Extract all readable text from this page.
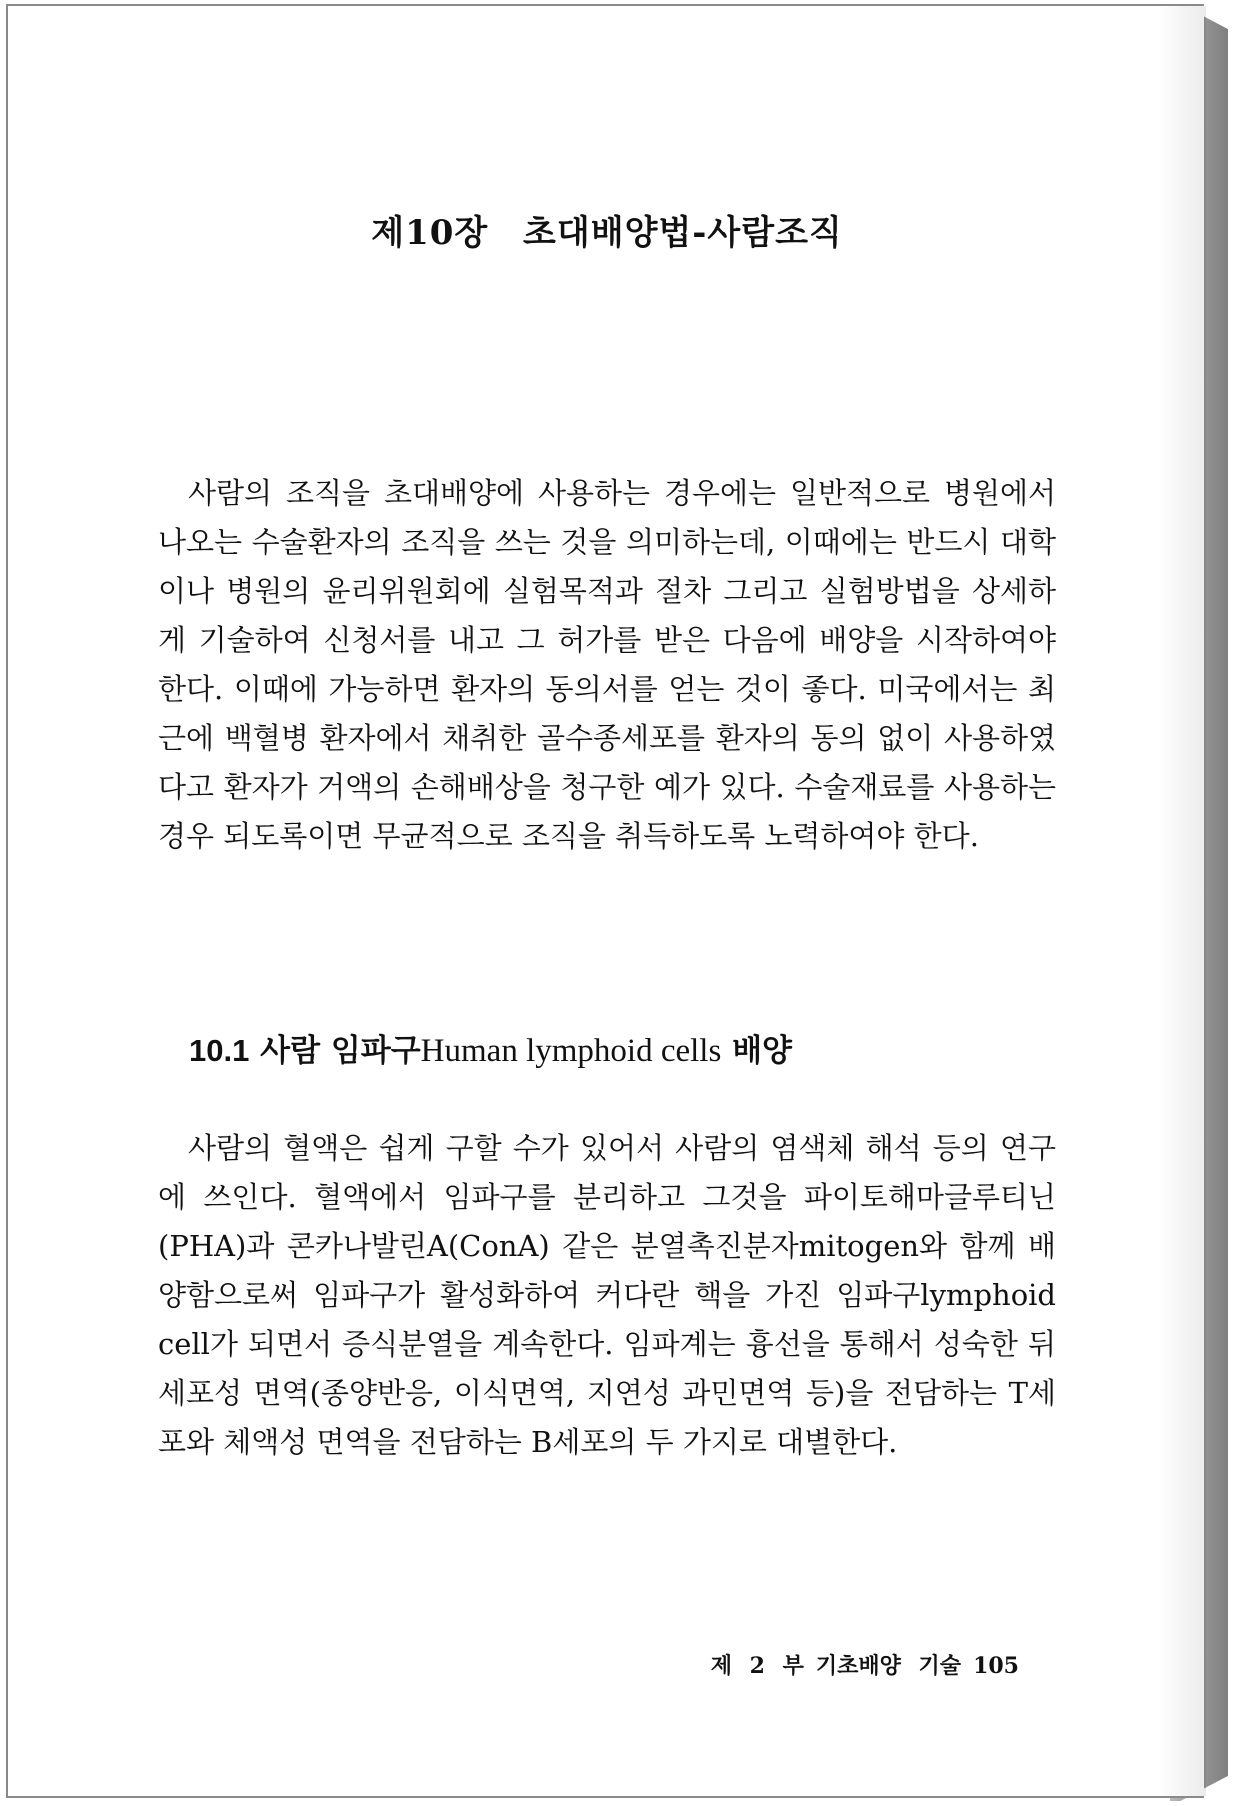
제10장 초대배양법-사람조직

사람의 조직을 초대배양에 사용하는 경우에는 일반적으로 병원에서 나오는 수술환자의 조직을 쓰는 것을 의미하는데, 이때에는 반드시 대학이나 병원의 윤리위원회에 실험목적과 절차 그리고 실험방법을 상세하게 기술하여 신청서를 내고 그 허가를 받은 다음에 배양을 시작하여야 한다. 이때에 가능하면 환자의 동의서를 얻는 것이 좋다. 미국에서는 최근에 백혈병 환자에서 채취한 골수종세포를 환자의 동의 없이 사용하였다고 환자가 거액의 손해배상을 청구한 예가 있다. 수술재료를 사용하는 경우 되도록이면 무균적으로 조직을 취득하도록 노력하여야 한다.

10.1 사람 임파구Human lymphoid cells 배양

사람의 혈액은 쉽게 구할 수가 있어서 사람의 염색체 해석 등의 연구에 쓰인다. 혈액에서 임파구를 분리하고 그것을 파이토해마글루티닌(PHA)과 콘카나발린A(ConA) 같은 분열촉진분자mitogen와 함께 배양함으로써 임파구가 활성화하여 커다란 핵을 가진 임파구lymphoid cell가 되면서 증식분열을 계속한다. 임파계는 흉선을 통해서 성숙한 뒤 세포성 면역(종양반응, 이식면역, 지연성 과민면역 등)을 전담하는 T세포와 체액성 면역을 전담하는 B세포의 두 가지로 대별한다.

제 2 부 기초배양 기술 105
